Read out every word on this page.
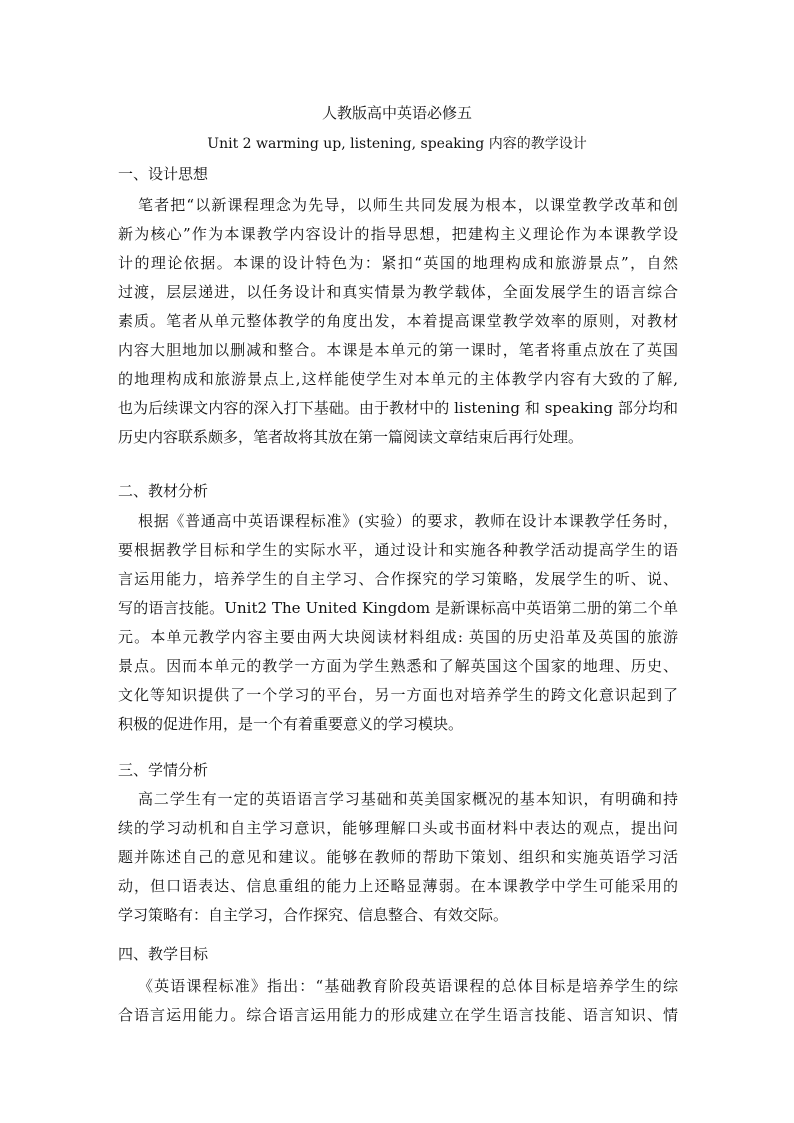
人教版高中英语必修五
Unit 2 warming up, listening, speaking 内容的教学设计
一、设计思想
笔者把“以新课程理念为先导，以师生共同发展为根本，以课堂教学改革和创
新为核心”作为本课教学内容设计的指导思想，把建构主义理论作为本课教学设
计的理论依据。本课的设计特色为：紧扣“英国的地理构成和旅游景点”，自然
过渡，层层递进，以任务设计和真实情景为教学载体，全面发展学生的语言综合
素质。笔者从单元整体教学的角度出发，本着提高课堂教学效率的原则，对教材
内容大胆地加以删减和整合。本课是本单元的第一课时，笔者将重点放在了英国
的地理构成和旅游景点上,这样能使学生对本单元的主体教学内容有大致的了解,
也为后续课文内容的深入打下基础。由于教材中的 listening 和 speaking 部分均和
历史内容联系颇多，笔者故将其放在第一篇阅读文章结束后再行处理。
二、教材分析
根据《普通高中英语课程标准》(实验）的要求，教师在设计本课教学任务时，
要根据教学目标和学生的实际水平，通过设计和实施各种教学活动提高学生的语
言运用能力，培养学生的自主学习、合作探究的学习策略，发展学生的听、说、
写的语言技能。Unit2 The United Kingdom 是新课标高中英语第二册的第二个单
元。本单元教学内容主要由两大块阅读材料组成: 英国的历史沿革及英国的旅游
景点。因而本单元的教学一方面为学生熟悉和了解英国这个国家的地理、历史、
文化等知识提供了一个学习的平台，另一方面也对培养学生的跨文化意识起到了
积极的促进作用，是一个有着重要意义的学习模块。
三、学情分析
高二学生有一定的英语语言学习基础和英美国家概况的基本知识，有明确和持
续的学习动机和自主学习意识，能够理解口头或书面材料中表达的观点，提出问
题并陈述自己的意见和建议。能够在教师的帮助下策划、组织和实施英语学习活
动，但口语表达、信息重组的能力上还略显薄弱。在本课教学中学生可能采用的
学习策略有：自主学习，合作探究、信息整合、有效交际。
四、教学目标
《英语课程标准》指出：“基础教育阶段英语课程的总体目标是培养学生的综
合语言运用能力。综合语言运用能力的形成建立在学生语言技能、语言知识、情
